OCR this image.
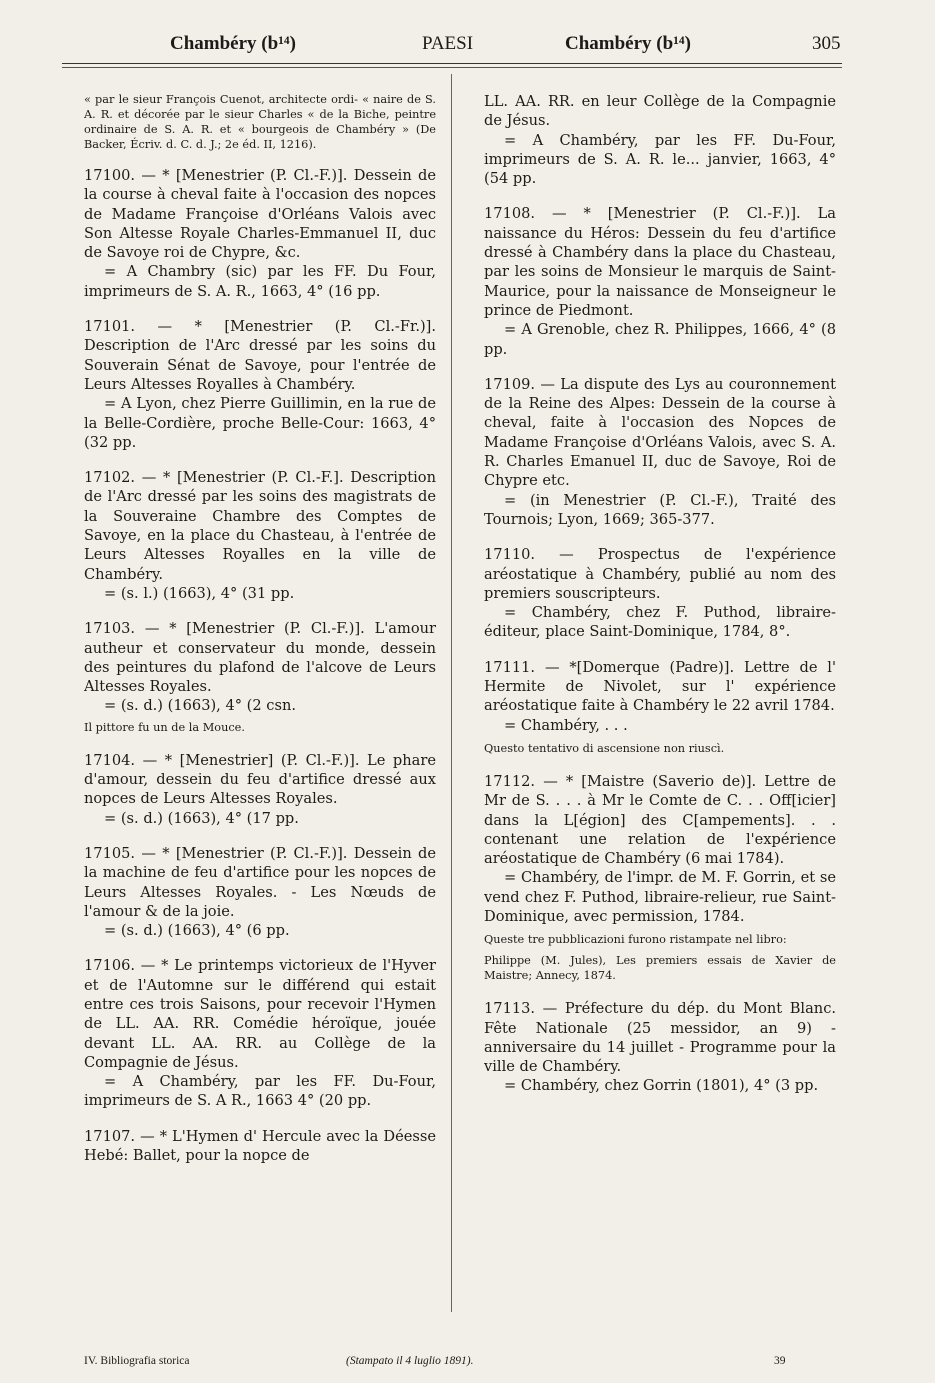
Chambéry (b¹⁴)	PAESI	Chambéry (b¹⁴)	305

« par le sieur François Cuenot, architecte ordi- « naire de S. A. R. et décorée par le sieur Charles « de la Biche, peintre ordinaire de S. A. R. et « bourgeois de Chambéry » (De Backer, Écriv. d. C. d. J.; 2e éd. II, 1216).

17100. — * [Menestrier (P. Cl.-F.)]. Dessein de la course à cheval faite à l'occasion des nopces de Madame Françoise d'Orléans Valois avec Son Altesse Royale Charles-Emmanuel II, duc de Savoye roi de Chypre, &c.

= A Chambry (sic) par les FF. Du Four, imprimeurs de S. A. R., 1663, 4° (16 pp.

17101. — * [Menestrier (P. Cl.-Fr.)]. Description de l'Arc dressé par les soins du Souverain Sénat de Savoye, pour l'entrée de Leurs Altesses Royalles à Chambéry.

= A Lyon, chez Pierre Guillimin, en la rue de la Belle-Cordière, proche Belle-Cour: 1663, 4° (32 pp.

17102. — * [Menestrier (P. Cl.-F.]. Description de l'Arc dressé par les soins des magistrats de la Souveraine Chambre des Comptes de Savoye, en la place du Chasteau, à l'entrée de Leurs Altesses Royalles en la ville de Chambéry.

= (s. l.) (1663), 4° (31 pp.

17103. — * [Menestrier (P. Cl.-F.)]. L'amour autheur et conservateur du monde, dessein des peintures du plafond de l'alcove de Leurs Altesses Royales.

= (s. d.) (1663), 4° (2 csn.

Il pittore fu un de la Mouce.

17104. — * [Menestrier] (P. Cl.-F.)]. Le phare d'amour, dessein du feu d'artifice dressé aux nopces de Leurs Altesses Royales.

= (s. d.) (1663), 4° (17 pp.

17105. — * [Menestrier (P. Cl.-F.)]. Dessein de la machine de feu d'artifice pour les nopces de Leurs Altesses Royales. - Les Nœuds de l'amour & de la joie.

= (s. d.) (1663), 4° (6 pp.

17106. — * Le printemps victorieux de l'Hyver et de l'Automne sur le différend qui estait entre ces trois Saisons, pour recevoir l'Hymen de LL. AA. RR. Comédie héroïque, jouée devant LL. AA. RR. au Collège de la Compagnie de Jésus.

= A Chambéry, par les FF. Du-Four, imprimeurs de S. A R., 1663 4° (20 pp.

17107. — * L'Hymen d' Hercule avec la Déesse Hebé: Ballet, pour la nopce de

LL. AA. RR. en leur Collège de la Compagnie de Jésus.

= A Chambéry, par les FF. Du-Four, imprimeurs de S. A. R. le... janvier, 1663, 4° (54 pp.

17108. — * [Menestrier (P. Cl.-F.)]. La naissance du Héros: Dessein du feu d'artifice dressé à Chambéry dans la place du Chasteau, par les soins de Monsieur le marquis de Saint-Maurice, pour la naissance de Monseigneur le prince de Piedmont.

= A Grenoble, chez R. Philippes, 1666, 4° (8 pp.

17109. — La dispute des Lys au couronnement de la Reine des Alpes: Dessein de la course à cheval, faite à l'occasion des Nopces de Madame Françoise d'Orléans Valois, avec S. A. R. Charles Emanuel II, duc de Savoye, Roi de Chypre etc.

= (in Menestrier (P. Cl.-F.), Traité des Tournois; Lyon, 1669; 365-377.

17110. — Prospectus de l'expérience aréostatique à Chambéry, publié au nom des premiers souscripteurs.

= Chambéry, chez F. Puthod, libraire-éditeur, place Saint-Dominique, 1784, 8°.

17111. — *[Domerque (Padre)]. Lettre de l' Hermite de Nivolet, sur l' expérience aréostatique faite à Chambéry le 22 avril 1784.

= Chambéry, . . .

Questo tentativo di ascensione non riuscì.

17112. — * [Maistre (Saverio de)]. Lettre de Mr de S. . . . à Mr le Comte de C. . . Off[icier] dans la L[égion] des C[ampements]. . . contenant une relation de l'expérience aréostatique de Chambéry (6 mai 1784).

= Chambéry, de l'impr. de M. F. Gorrin, et se vend chez F. Puthod, libraire-relieur, rue Saint-Dominique, avec permission, 1784.

Queste tre pubblicazioni furono ristampate nel libro:

Philippe (M. Jules), Les premiers essais de Xavier de Maistre; Annecy, 1874.

17113. — Préfecture du dép. du Mont Blanc. Fête Nationale (25 messidor, an 9) - anniversaire du 14 juillet - Programme pour la ville de Chambéry.

= Chambéry, chez Gorrin (1801), 4° (3 pp.

IV. Bibliografia storica	(Stampato il 4 luglio 1891).	39
